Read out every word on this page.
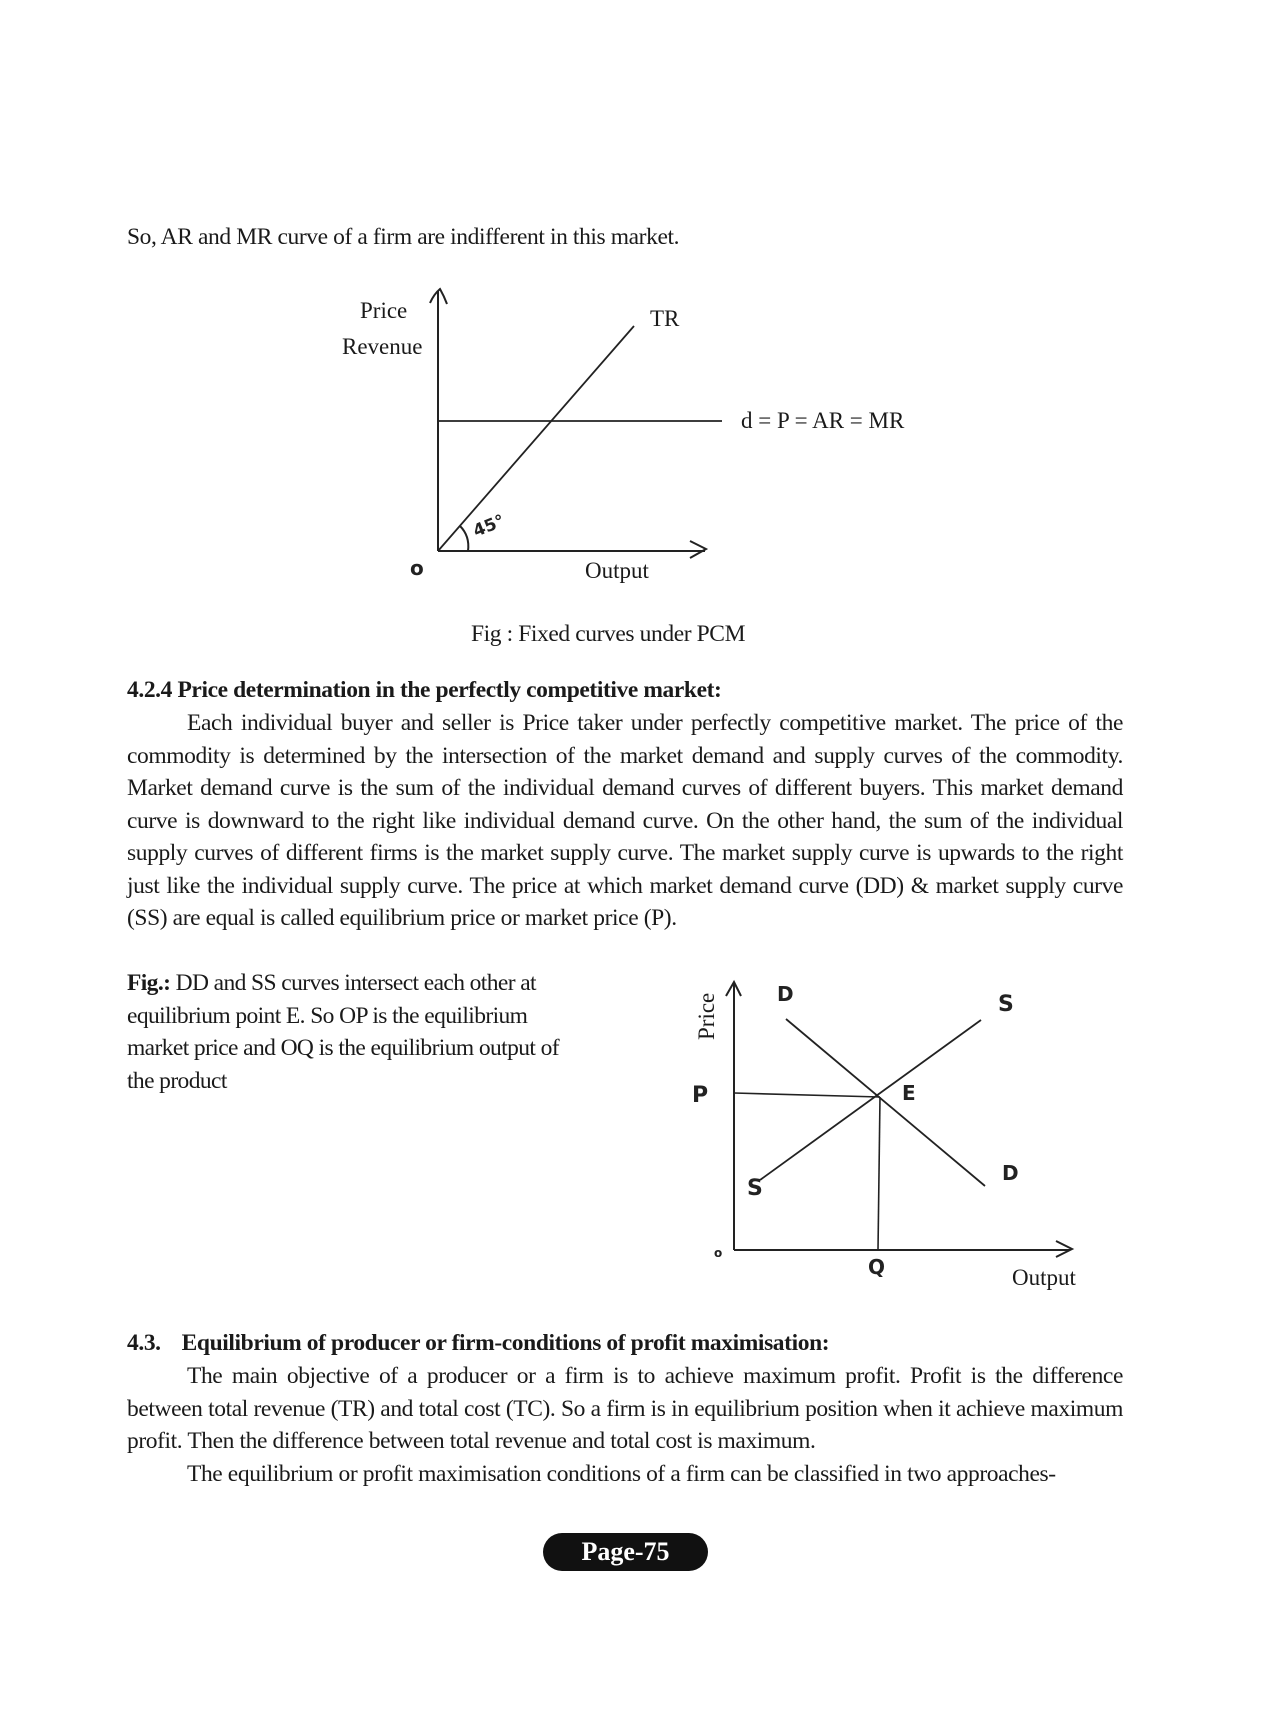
So, AR and MR curve of a firm are indifferent in this market.
Price
Revenue
TR
d = P = AR = MR
o
45°
Output
Fig : Fixed curves under PCM
4.2.4 Price determination in the perfectly competitive market:
Each individual buyer and seller is Price taker under perfectly competitive market. The price of the commodity is determined by the intersection of the market demand and supply curves of the commodity. Market demand curve is the sum of the individual demand curves of different buyers. This market demand curve is downward to the right like individual demand curve. On the other hand, the sum of the individual supply curves of different firms is the market supply curve. The market supply curve is upwards to the right just like the individual supply curve. The price at which market demand curve (DD) & market supply curve (SS) are equal is called equilibrium price or market price (P).
Fig.: DD and SS curves intersect each other at equilibrium point E. So OP is the equilibrium market price and OQ is the equilibrium output of the product
Price	D	S
P	E
D
S
Q
o
Output
4.3. Equilibrium of producer or firm-conditions of profit maximisation:
The main objective of a producer or a firm is to achieve maximum profit. Profit is the difference between total revenue (TR) and total cost (TC). So a firm is in equilibrium position when it achieve maximum profit. Then the difference between total revenue and total cost is maximum.
The equilibrium or profit maximisation conditions of a firm can be classified in two approaches-
Page-75
